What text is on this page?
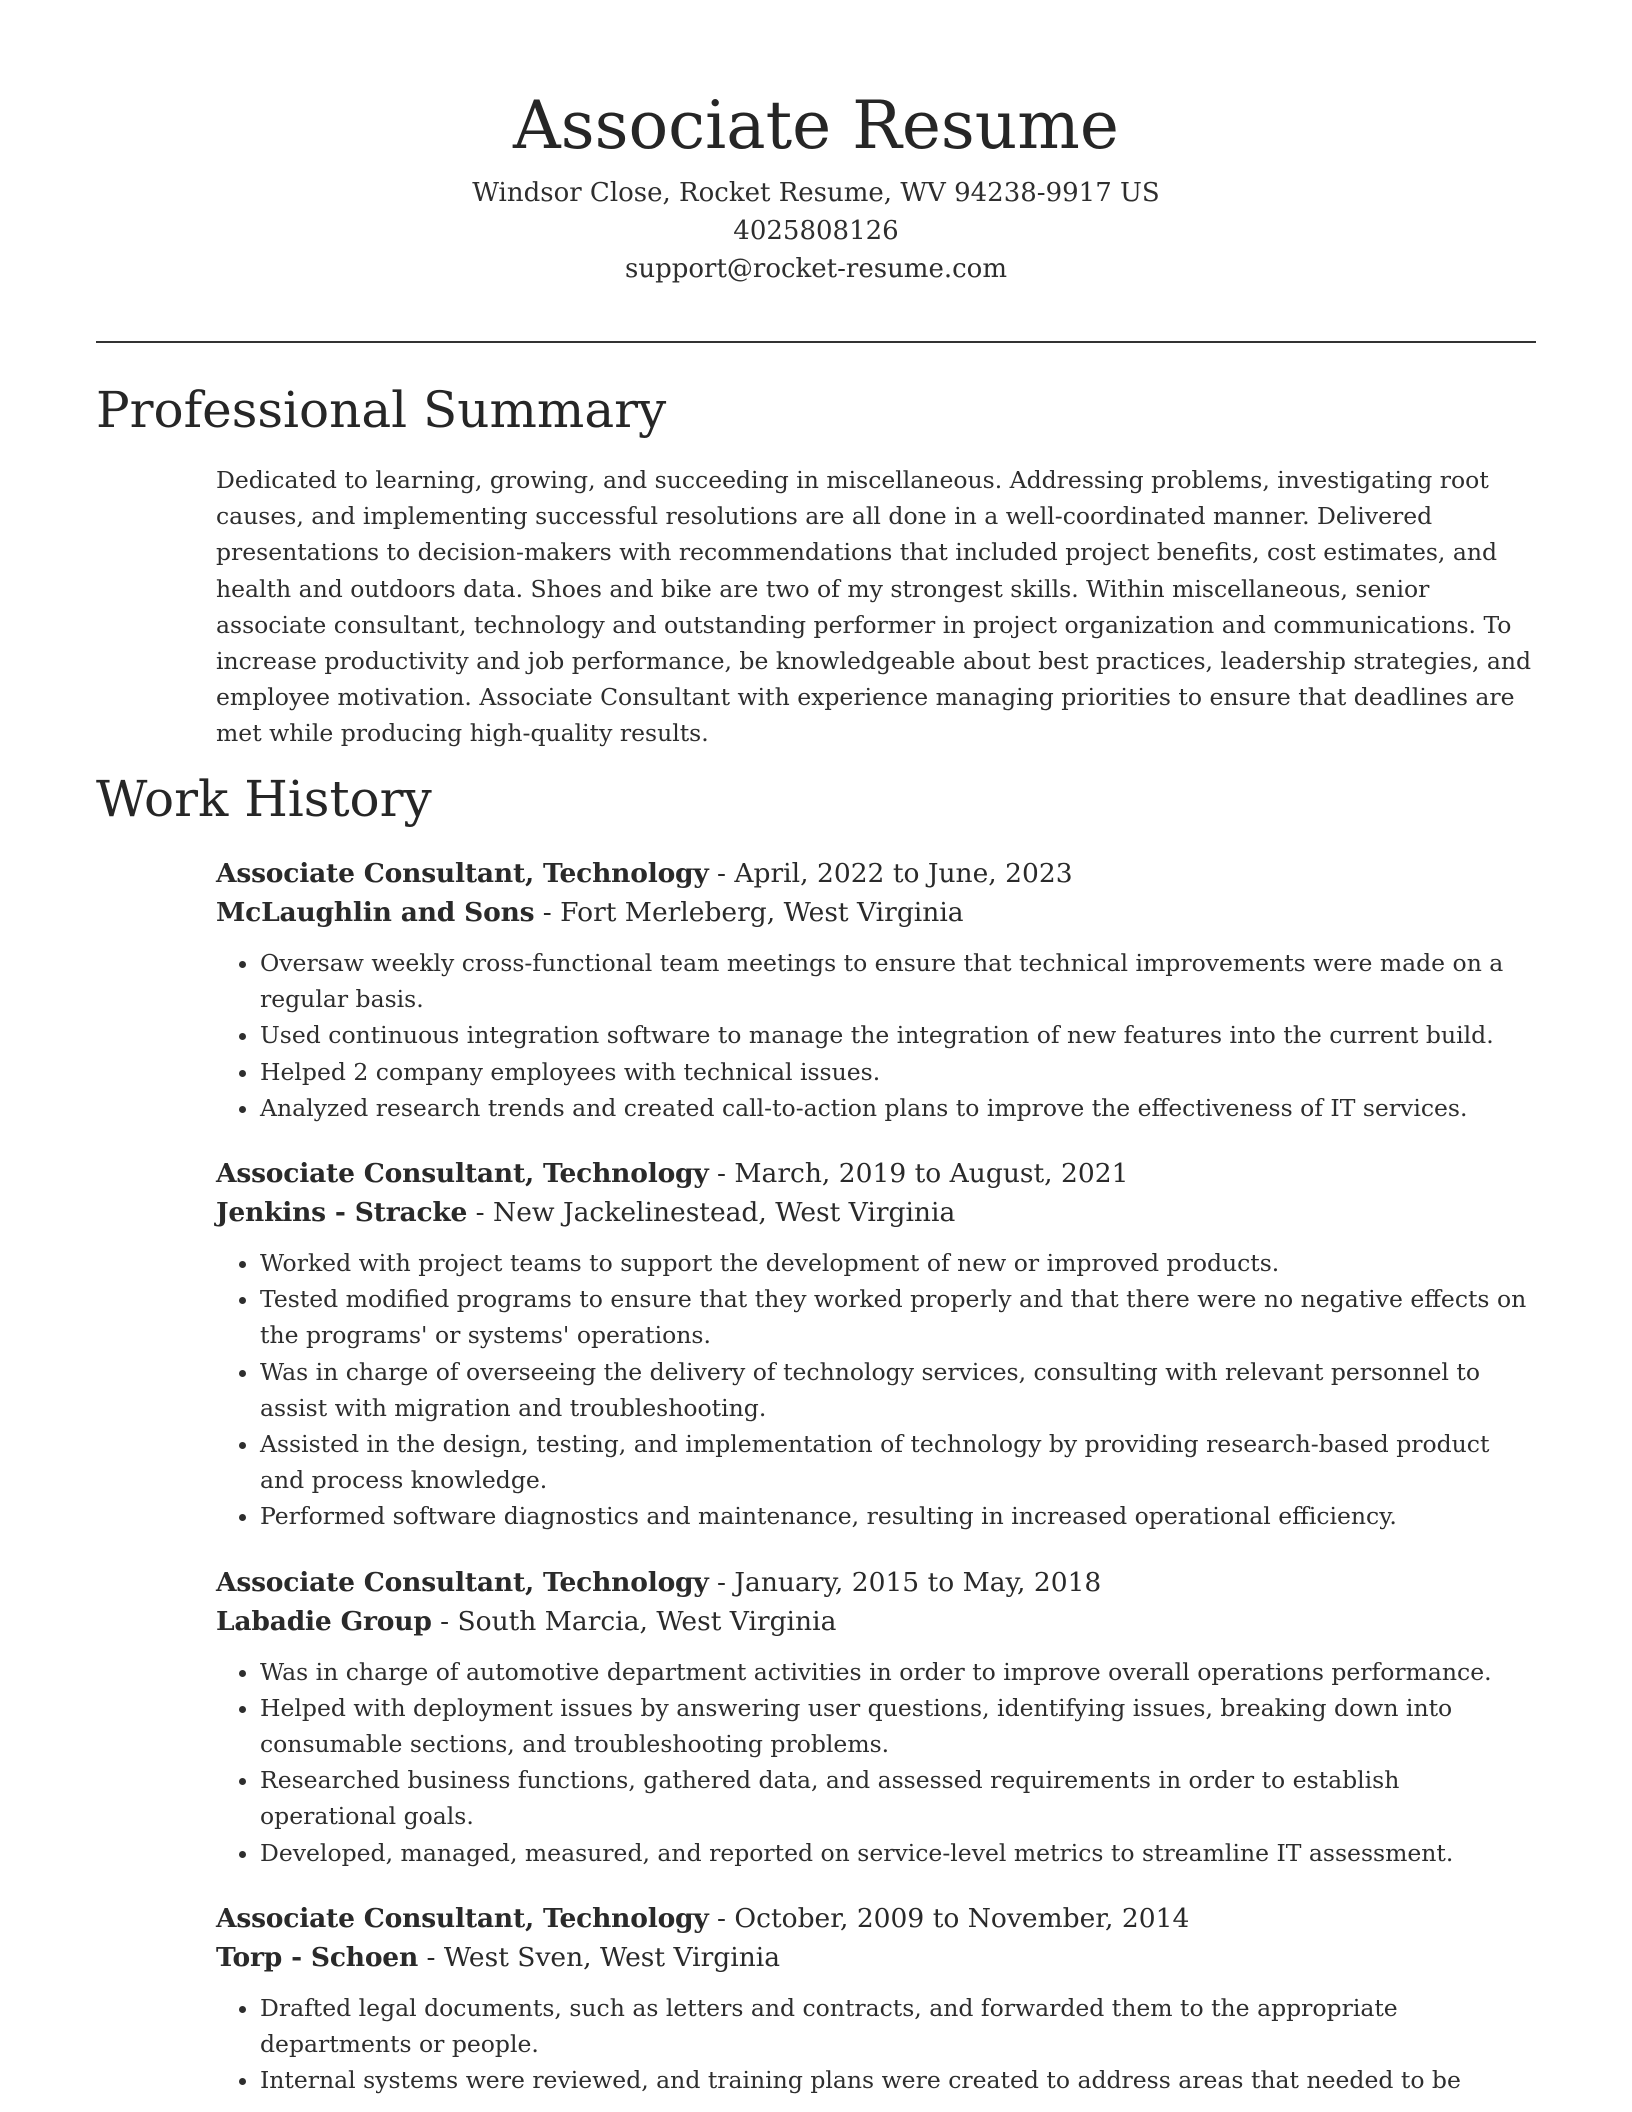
Associate Resume
Windsor Close, Rocket Resume, WV 94238-9917 US
4025808126
support@rocket-resume.com
Professional Summary

Dedicated to learning, growing, and succeeding in miscellaneous. Addressing problems, investigating root causes, and implementing successful resolutions are all done in a well-coordinated manner. Delivered presentations to decision-makers with recommendations that included project benefits, cost estimates, and health and outdoors data. Shoes and bike are two of my strongest skills. Within miscellaneous, senior associate consultant, technology and outstanding performer in project organization and communications. To increase productivity and job performance, be knowledgeable about best practices, leadership strategies, and employee motivation. Associate Consultant with experience managing priorities to ensure that deadlines are met while producing high-quality results.

Work History
Associate Consultant, Technology - April, 2022 to June, 2023
McLaughlin and Sons - Fort Merleberg, West Virginia
• Oversaw weekly cross-functional team meetings to ensure that technical improvements were made on a regular basis.
• Used continuous integration software to manage the integration of new features into the current build.
• Helped 2 company employees with technical issues.
• Analyzed research trends and created call-to-action plans to improve the effectiveness of IT services.
Associate Consultant, Technology - March, 2019 to August, 2021
Jenkins - Stracke - New Jackelinestead, West Virginia
• Worked with project teams to support the development of new or improved products.
• Tested modified programs to ensure that they worked properly and that there were no negative effects on the programs' or systems' operations.
• Was in charge of overseeing the delivery of technology services, consulting with relevant personnel to assist with migration and troubleshooting.
• Assisted in the design, testing, and implementation of technology by providing research-based product and process knowledge.
• Performed software diagnostics and maintenance, resulting in increased operational efficiency.
Associate Consultant, Technology - January, 2015 to May, 2018
Labadie Group - South Marcia, West Virginia
• Was in charge of automotive department activities in order to improve overall operations performance.
• Helped with deployment issues by answering user questions, identifying issues, breaking down into consumable sections, and troubleshooting problems.
• Researched business functions, gathered data, and assessed requirements in order to establish operational goals.
• Developed, managed, measured, and reported on service-level metrics to streamline IT assessment.
Associate Consultant, Technology - October, 2009 to November, 2014
Torp - Schoen - West Sven, West Virginia
• Drafted legal documents, such as letters and contracts, and forwarded them to the appropriate departments or people.
• Internal systems were reviewed, and training plans were created to address areas that needed to be
